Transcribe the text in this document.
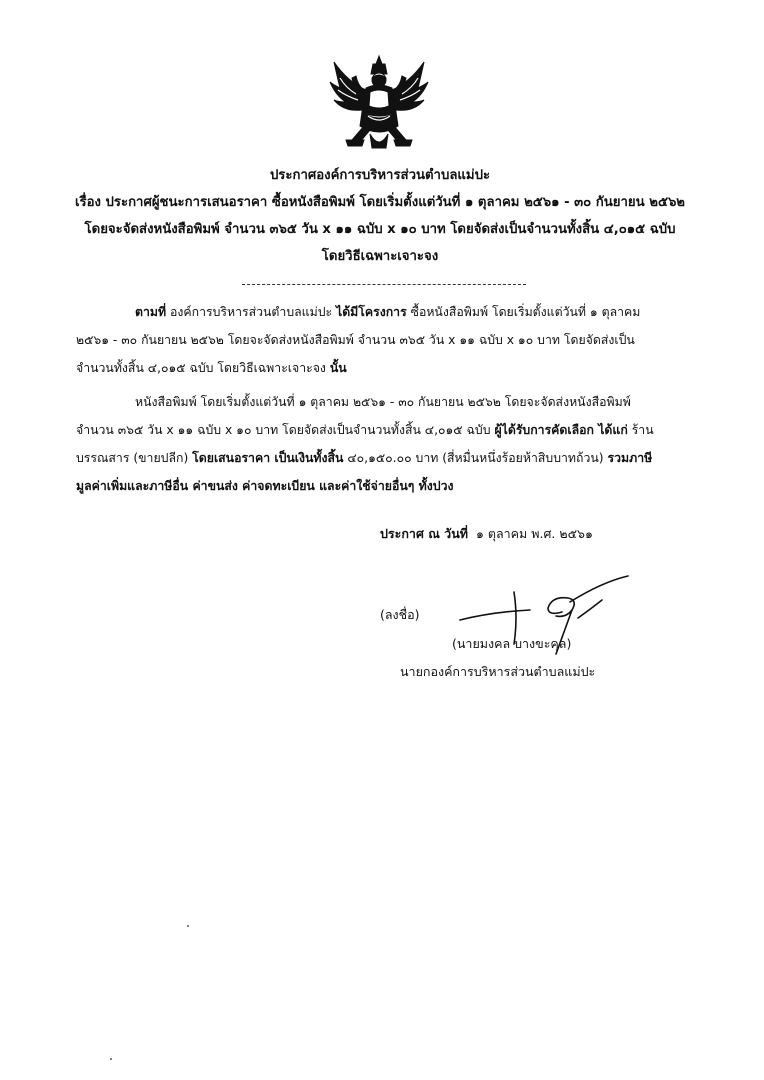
ประกาศองค์การบริหารส่วนตำบลแม่ปะ
เรื่อง ประกาศผู้ชนะการเสนอราคา ซื้อหนังสือพิมพ์ โดยเริ่มตั้งแต่วันที่ ๑ ตุลาคม ๒๕๖๑ - ๓๐ กันยายน ๒๕๖๒
โดยจะจัดส่งหนังสือพิมพ์ จำนวน ๓๖๕ วัน x ๑๑ ฉบับ x ๑๐ บาท โดยจัดส่งเป็นจำนวนทั้งสิ้น ๔,๐๑๕ ฉบับ
โดยวิธีเฉพาะเจาะจง
ตามที่ องค์การบริหารส่วนตำบลแม่ปะ ได้มีโครงการ ซื้อหนังสือพิมพ์ โดยเริ่มตั้งแต่วันที่ ๑ ตุลาคม
๒๕๖๑ - ๓๐ กันยายน ๒๕๖๒ โดยจะจัดส่งหนังสือพิมพ์ จำนวน ๓๖๕ วัน x ๑๑ ฉบับ x ๑๐ บาท โดยจัดส่งเป็น
จำนวนทั้งสิ้น ๔,๐๑๕ ฉบับ โดยวิธีเฉพาะเจาะจง นั้น
หนังสือพิมพ์ โดยเริ่มตั้งแต่วันที่ ๑ ตุลาคม ๒๕๖๑ - ๓๐ กันยายน ๒๕๖๒ โดยจะจัดส่งหนังสือพิมพ์
จำนวน ๓๖๕ วัน x ๑๑ ฉบับ x ๑๐ บาท โดยจัดส่งเป็นจำนวนทั้งสิ้น ๔,๐๑๕ ฉบับ ผู้ได้รับการคัดเลือก ได้แก่ ร้าน
บรรณสาร (ขายปลีก) โดยเสนอราคา เป็นเงินทั้งสิ้น ๔๐,๑๕๐.๐๐ บาท (สี่หมื่นหนึ่งร้อยห้าสิบบาทถ้วน) รวมภาษี
มูลค่าเพิ่มและภาษีอื่น ค่าขนส่ง ค่าจดทะเบียน และค่าใช้จ่ายอื่นๆ ทั้งปวง
ประกาศ ณ วันที่ ๑ ตุลาคม พ.ศ. ๒๕๖๑
(ลงชื่อ)
(นายมงคล บางขะคุล)
นายกองค์การบริหารส่วนตำบลแม่ปะ
